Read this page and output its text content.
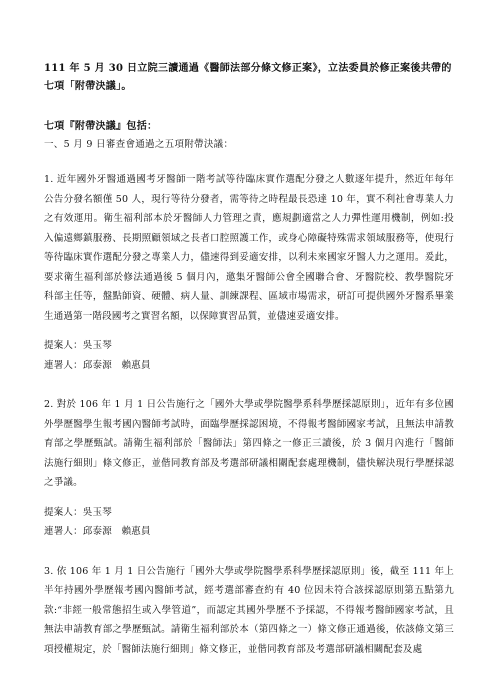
111 年 5 月 30 日立院三讀通過《醫師法部分條文修正案》，立法委員於修正案後共帶的七項「附帶決議」。

七項『附帶決議』包括：

一、5 月 9 日審查會通過之五項附帶決議：

1. 近年國外牙醫通過國考牙醫師一階考試等待臨床實作選配分發之人數逐年提升，然近年每年公告分發名額僅 50 人，現行等待分發者，需等待之時程最長恐達 10 年，實不利社會專業人力之有效運用。衛生福利部本於牙醫師人力管理之責，應規劃適當之人力彈性運用機制，例如:投入偏遠鄉鎮服務、長期照顧領域之長者口腔照護工作，或身心障礙特殊需求領域服務等，使現行等待臨床實作選配分發之專業人力，儘速得到妥適安排，以利未來國家牙醫人力之運用。爰此，要求衛生福利部於修法通過後 5 個月內，邀集牙醫師公會全國聯合會、牙醫院校、教學醫院牙科部主任等，盤點師資、硬體、病人量、訓練課程、區域市場需求，研訂可提供國外牙醫系畢業生通過第一階段國考之實習名額，以保障實習品質，並儘速妥適安排。

提案人：吳玉琴

連署人：邱泰源　賴惠員

2. 對於 106 年 1 月 1 日公告施行之「國外大學或學院醫學系科學歷採認原則」，近年有多位國外學歷醫學生報考國內醫師考試時，面臨學歷採認困境，不得報考醫師國家考試，且無法申請教育部之學歷甄試。請衛生福利部於「醫師法」第四條之一修正三讀後，於 3 個月內進行「醫師法施行細則」條文修正，並偕同教育部及考選部研議相關配套處理機制，儘快解決現行學歷採認之爭議。

提案人：吳玉琴

連署人：邱泰源　賴惠員

3. 依 106 年 1 月 1 日公告施行「國外大學或學院醫學系科學歷採認原則」後，截至 111 年上半年持國外學歷報考國內醫師考試，經考選部審查約有 40 位因未符合該採認原則第五點第九款:“非經一般常態招生或入學管道”，而認定其國外學歷不予採認，不得報考醫師國家考試，且無法申請教育部之學歷甄試。請衛生福利部於本（第四條之一）條文修正通過後，依該條文第三項授權規定，於「醫師法施行細則」條文修正，並偕同教育部及考選部研議相關配套及處
